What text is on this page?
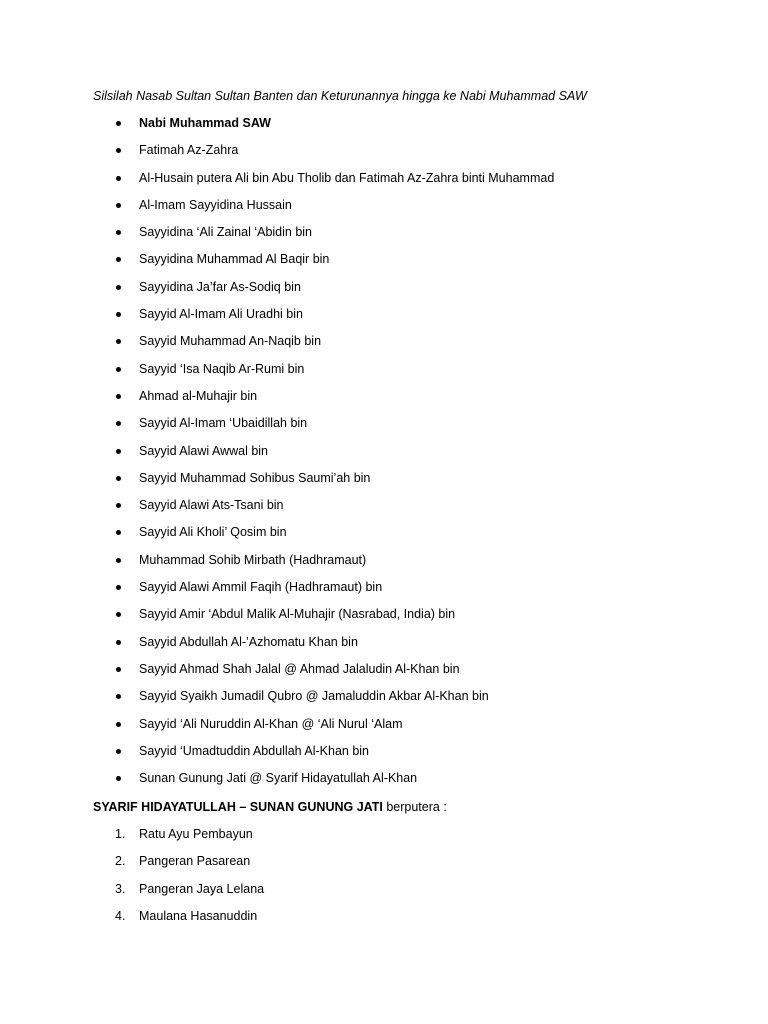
Silsilah Nasab Sultan Sultan Banten dan Keturunannya hingga ke Nabi Muhammad SAW
Nabi Muhammad SAW
Fatimah Az-Zahra
Al-Husain putera Ali bin Abu Tholib dan Fatimah Az-Zahra binti Muhammad
Al-Imam Sayyidina Hussain
Sayyidina ‘Ali Zainal ‘Abidin bin
Sayyidina Muhammad Al Baqir bin
Sayyidina Ja’far As-Sodiq bin
Sayyid Al-Imam Ali Uradhi bin
Sayyid Muhammad An-Naqib bin
Sayyid ‘Isa Naqib Ar-Rumi bin
Ahmad al-Muhajir bin
Sayyid Al-Imam ‘Ubaidillah bin
Sayyid Alawi Awwal bin
Sayyid Muhammad Sohibus Saumi’ah bin
Sayyid Alawi Ats-Tsani bin
Sayyid Ali Kholi’ Qosim bin
Muhammad Sohib Mirbath (Hadhramaut)
Sayyid Alawi Ammil Faqih (Hadhramaut) bin
Sayyid Amir ‘Abdul Malik Al-Muhajir (Nasrabad, India) bin
Sayyid Abdullah Al-’Azhomatu Khan bin
Sayyid Ahmad Shah Jalal @ Ahmad Jalaludin Al-Khan bin
Sayyid Syaikh Jumadil Qubro @ Jamaluddin Akbar Al-Khan bin
Sayyid ‘Ali Nuruddin Al-Khan @ ‘Ali Nurul ‘Alam
Sayyid ‘Umadtuddin Abdullah Al-Khan bin
Sunan Gunung Jati @ Syarif Hidayatullah Al-Khan
SYARIF HIDAYATULLAH – SUNAN GUNUNG JATI berputera :
1. Ratu Ayu Pembayun
2. Pangeran Pasarean
3. Pangeran Jaya Lelana
4. Maulana Hasanuddin
